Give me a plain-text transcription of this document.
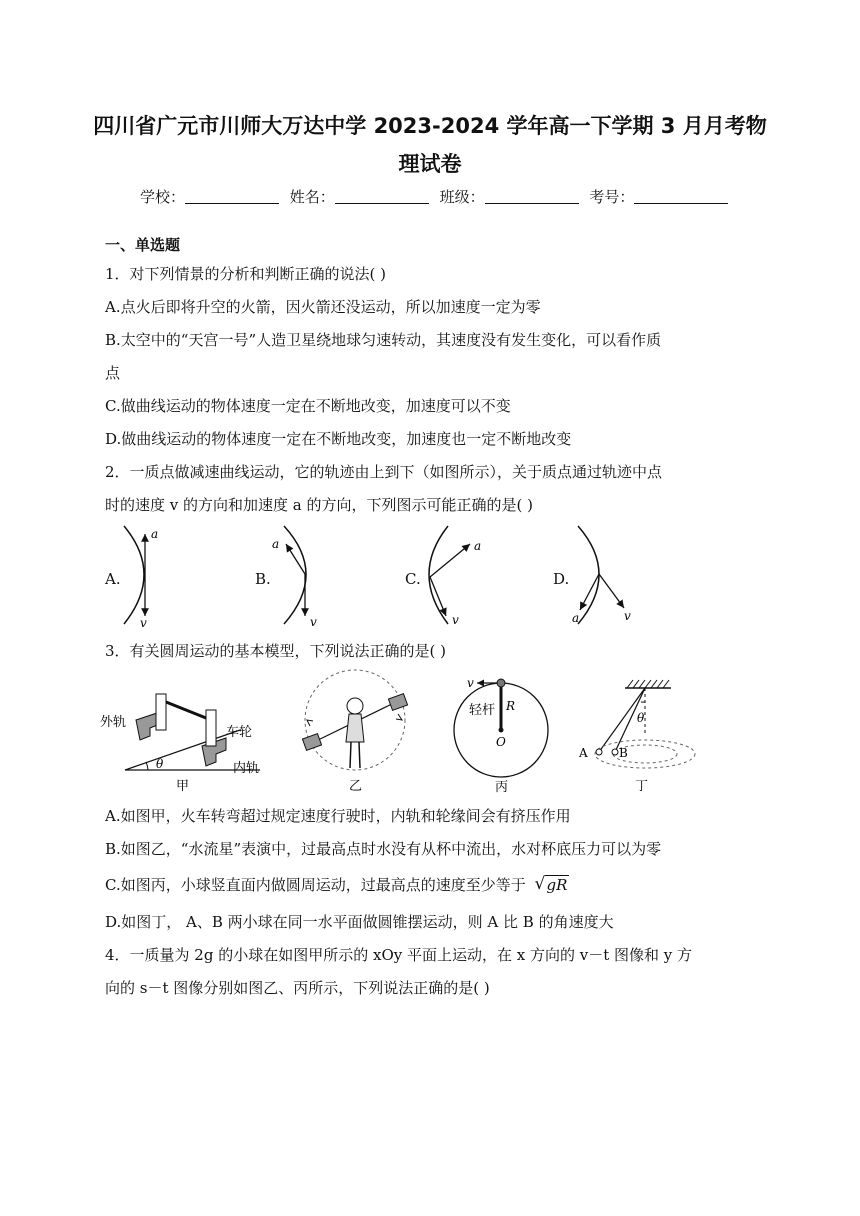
四川省广元市川师大万达中学 2023-2024 学年高一下学期 3 月月考物
理试卷
学校：	姓名：	班级：	考号：
一、单选题
1．对下列情景的分析和判断正确的说法( )
A.点火后即将升空的火箭，因火箭还没运动，所以加速度一定为零
B.太空中的“天宫一号”人造卫星绕地球匀速转动，其速度没有发生变化，可以看作质
点
C.做曲线运动的物体速度一定在不断地改变，加速度可以不变
D.做曲线运动的物体速度一定在不断地改变，加速度也一定不断地改变
2．一质点做减速曲线运动，它的轨迹由上到下（如图所示），关于质点通过轨迹中点
时的速度 v 的方向和加速度 a 的方向，下列图示可能正确的是( )
A.	B.	C.	D.
a
v
a
v
a
v	a	v
3．有关圆周运动的基本模型，下列说法正确的是( )
外轨
车轮
内轨
θ
甲	乙
v
轻杆 R
O
丙
θ
A	B
丁
A.如图甲，火车转弯超过规定速度行驶时，内轨和轮缘间会有挤压作用
B.如图乙，“水流星”表演中，过最高点时水没有从杯中流出，水对杯底压力可以为零
C.如图丙，小球竖直面内做圆周运动，过最高点的速度至少等于 √ gR
D.如图丁， A、B 两小球在同一水平面做圆锥摆运动，则 A 比 B 的角速度大
4．一质量为 2g 的小球在如图甲所示的 xOy 平面上运动，在 x 方向的 v－t 图像和 y 方
向的 s－t 图像分别如图乙、丙所示，下列说法正确的是( )
